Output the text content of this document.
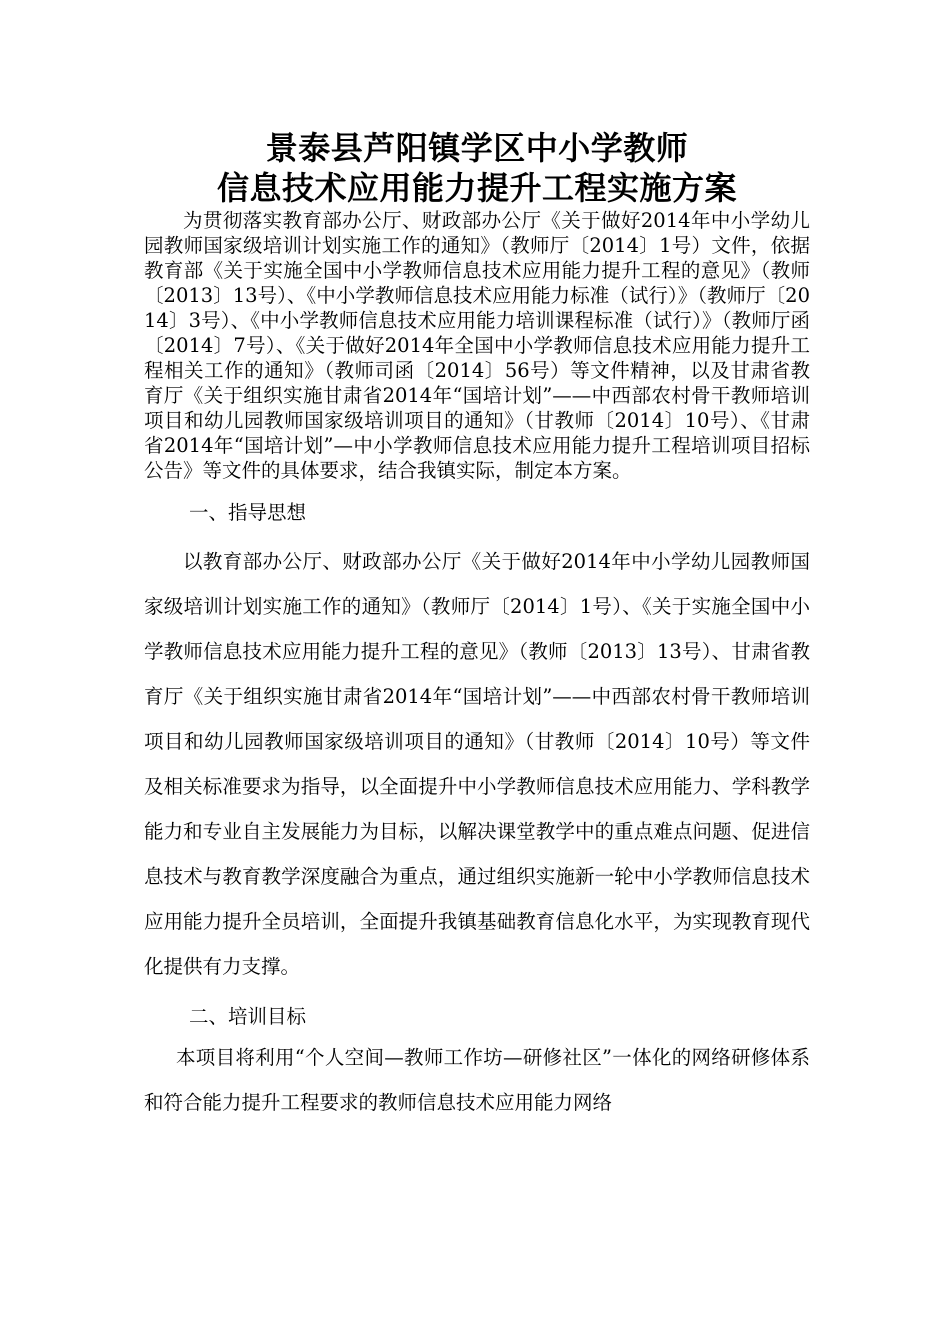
景泰县芦阳镇学区中小学教师
信息技术应用能力提升工程实施方案

为贯彻落实教育部办公厅、财政部办公厅《关于做好2014年中小学幼儿园教师国家级培训计划实施工作的通知》（教师厅〔2014〕1号）文件，依据教育部《关于实施全国中小学教师信息技术应用能力提升工程的意见》（教师〔2013〕13号）、《中小学教师信息技术应用能力标准（试行）》（教师厅〔2014〕3号）、《中小学教师信息技术应用能力培训课程标准（试行）》（教师厅函〔2014〕7号）、《关于做好2014年全国中小学教师信息技术应用能力提升工程相关工作的通知》（教师司函〔2014〕56号）等文件精神，以及甘肃省教育厅《关于组织实施甘肃省2014年“国培计划”——中西部农村骨干教师培训项目和幼儿园教师国家级培训项目的通知》（甘教师〔2014〕10号）、《甘肃省2014年“国培计划”—中小学教师信息技术应用能力提升工程培训项目招标公告》等文件的具体要求，结合我镇实际，制定本方案。

一、指导思想

以教育部办公厅、财政部办公厅《关于做好2014年中小学幼儿园教师国家级培训计划实施工作的通知》（教师厅〔2014〕1号）、《关于实施全国中小学教师信息技术应用能力提升工程的意见》（教师〔2013〕13号）、甘肃省教育厅《关于组织实施甘肃省2014年“国培计划”——中西部农村骨干教师培训项目和幼儿园教师国家级培训项目的通知》（甘教师〔2014〕10号）等文件及相关标准要求为指导，以全面提升中小学教师信息技术应用能力、学科教学能力和专业自主发展能力为目标，以解决课堂教学中的重点难点问题、促进信息技术与教育教学深度融合为重点，通过组织实施新一轮中小学教师信息技术应用能力提升全员培训，全面提升我镇基础教育信息化水平，为实现教育现代化提供有力支撑。

二、培训目标

本项目将利用“个人空间—教师工作坊—研修社区”一体化的网络研修体系和符合能力提升工程要求的教师信息技术应用能力网络
